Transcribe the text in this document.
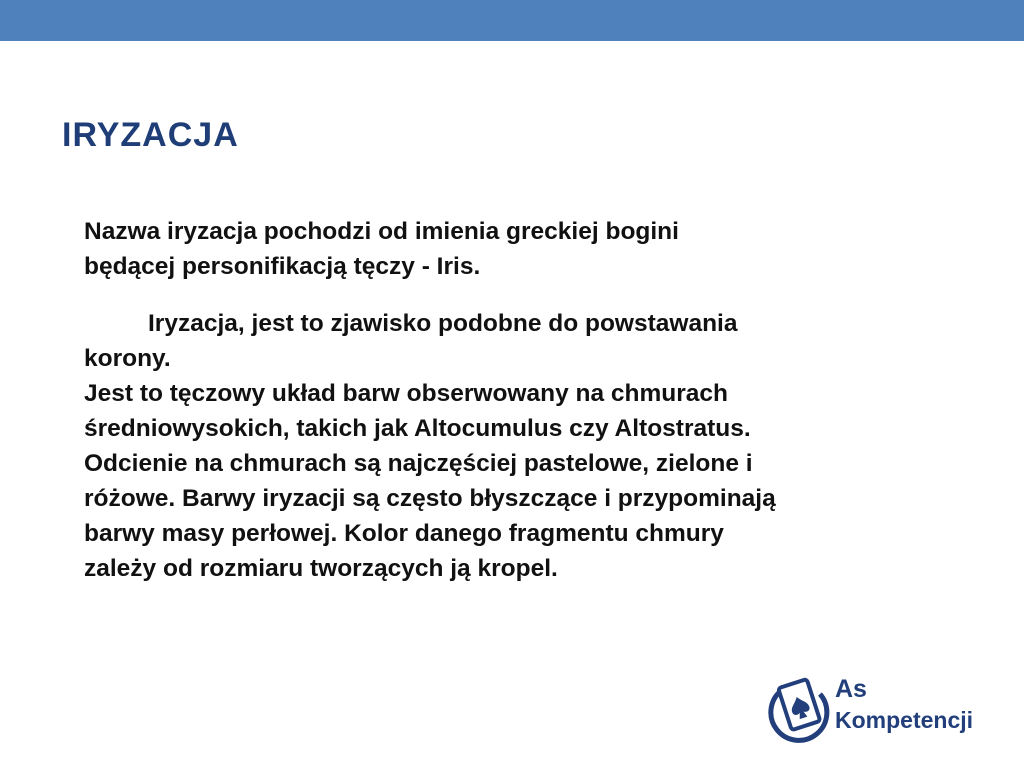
IRYZACJA

Nazwa iryzacja pochodzi od imienia greckiej bogini
będącej personifikacją tęczy - Iris.

Iryzacja, jest to zjawisko podobne do powstawania
korony.
Jest to tęczowy układ barw obserwowany na chmurach
średniowysokich, takich jak Altocumulus czy Altostratus.
Odcienie na chmurach są najczęściej pastelowe, zielone i
różowe. Barwy iryzacji są często błyszczące i przypominają
barwy masy perłowej. Kolor danego fragmentu chmury
zależy od rozmiaru tworzących ją kropel.

As
Kompetencji
